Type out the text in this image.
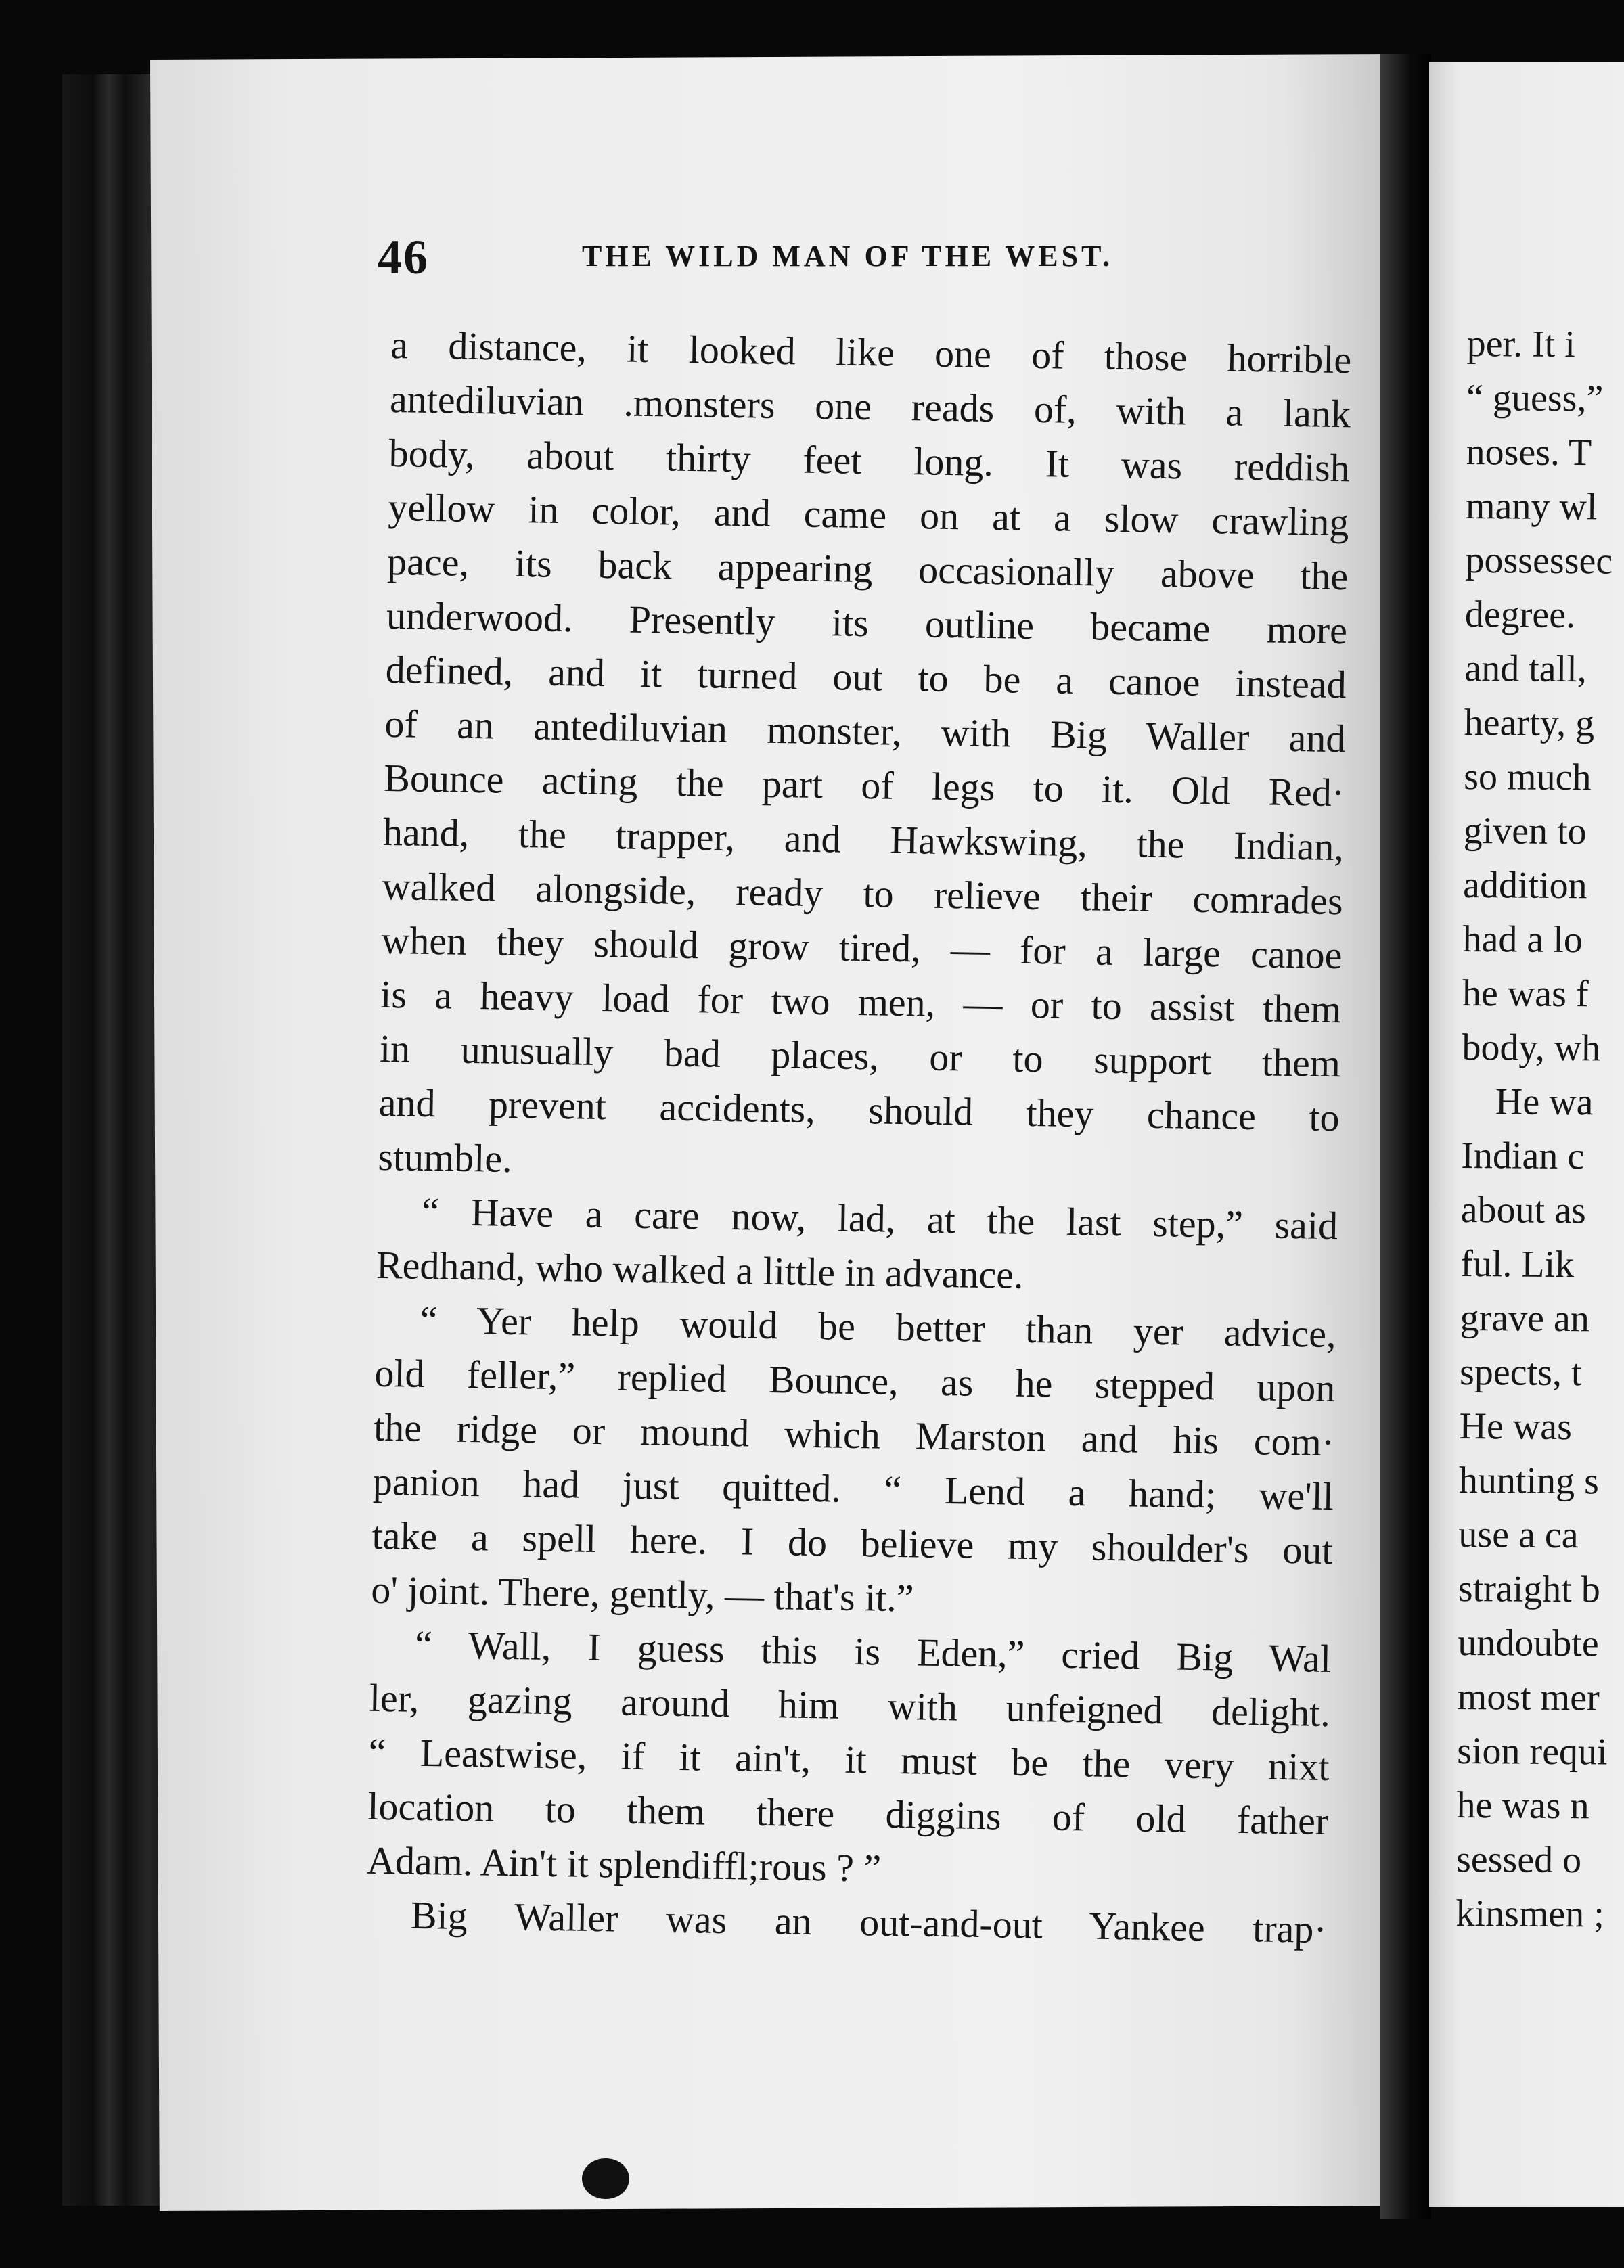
46	THE WILD MAN OF THE WEST.
a distance, it looked like one of those horrible
antediluvian .monsters one reads of, with a lank
body, about thirty feet long. It was reddish
yellow in color, and came on at a slow crawling
pace, its back appearing occasionally above the
underwood. Presently its outline became more
defined, and it turned out to be a canoe instead
of an antediluvian monster, with Big Waller and
Bounce acting the part of legs to it. Old Red·
hand, the trapper, and Hawkswing, the Indian,
walked alongside, ready to relieve their comrades
when they should grow tired, — for a large canoe
is a heavy load for two men, — or to assist them
in unusually bad places, or to support them
and prevent accidents, should they chance to
stumble.
“ Have a care now, lad, at the last step,” said
Redhand, who walked a little in advance.
“ Yer help would be better than yer advice,
old feller,” replied Bounce, as he stepped upon
the ridge or mound which Marston and his com·
panion had just quitted. “ Lend a hand; we'll
take a spell here. I do believe my shoulder's out
o' joint. There, gently, — that's it.”
“ Wall, I guess this is Eden,” cried Big Wal
ler, gazing around him with unfeigned delight.
“ Leastwise, if it ain't, it must be the very nixt
location to them there diggins of old father
Adam. Ain't it splendiffl;rous ? ”
Big Waller was an out-and-out Yankee trap·
per. It i
“ guess,”
noses. T
many wl
possessec
degree.
and tall,
hearty, g
so much
given to
addition
had a lo
he was f
body, wh
He wa
Indian c
about as
ful. Lik
grave an
spects, t
He was
hunting s
use a ca
straight b
undoubte
most mer
sion requi
he was n
sessed o
kinsmen ;
